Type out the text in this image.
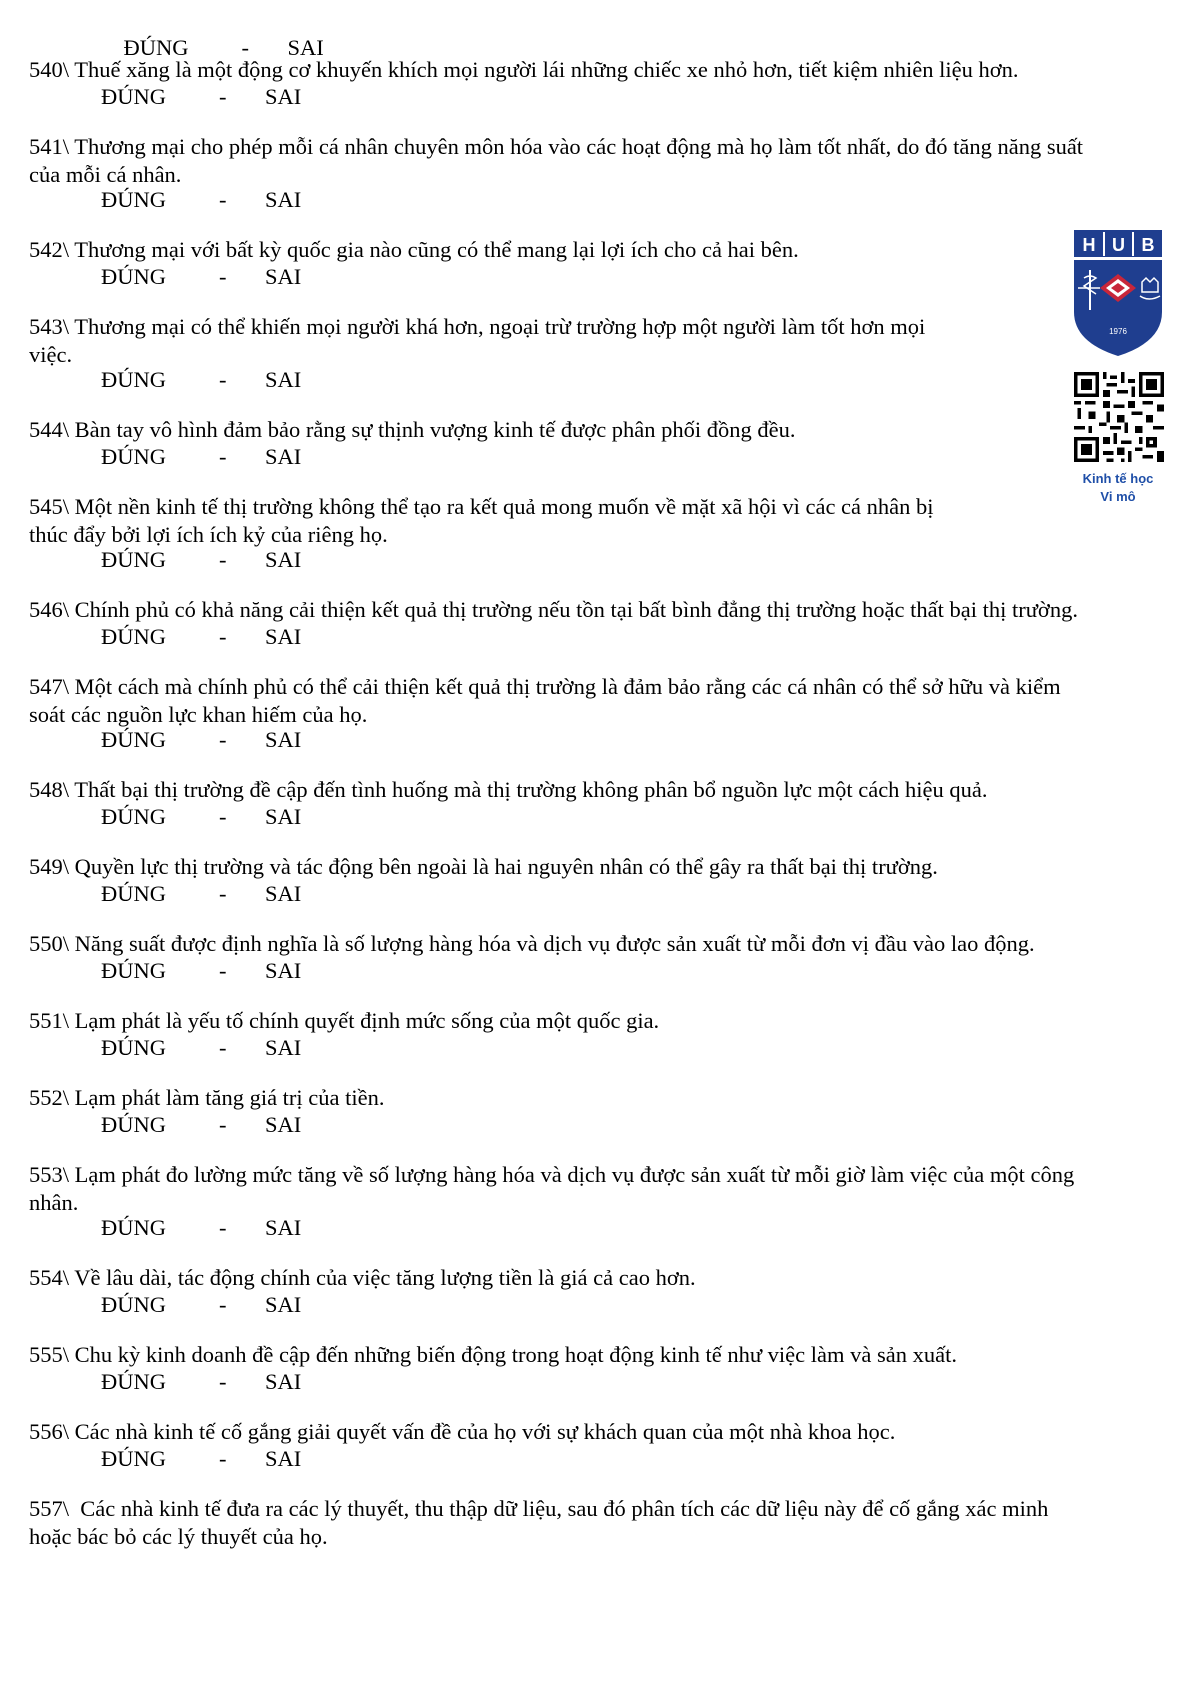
ĐÚNG - SAI

540\ Thuế xăng là một động cơ khuyến khích mọi người lái những chiếc xe nhỏ hơn, tiết kiệm nhiên liệu hơn.
ĐÚNG - SAI
541\ Thương mại cho phép mỗi cá nhân chuyên môn hóa vào các hoạt động mà họ làm tốt nhất, do đó tăng năng suất
của mỗi cá nhân.
ĐÚNG - SAI
542\ Thương mại với bất kỳ quốc gia nào cũng có thể mang lại lợi ích cho cả hai bên.
ĐÚNG - SAI
543\ Thương mại có thể khiến mọi người khá hơn, ngoại trừ trường hợp một người làm tốt hơn mọi
việc.
ĐÚNG - SAI
544\ Bàn tay vô hình đảm bảo rằng sự thịnh vượng kinh tế được phân phối đồng đều.
ĐÚNG - SAI
545\ Một nền kinh tế thị trường không thể tạo ra kết quả mong muốn về mặt xã hội vì các cá nhân bị
thúc đẩy bởi lợi ích ích kỷ của riêng họ.
ĐÚNG - SAI
546\ Chính phủ có khả năng cải thiện kết quả thị trường nếu tồn tại bất bình đẳng thị trường hoặc thất bại thị trường.
ĐÚNG - SAI
547\ Một cách mà chính phủ có thể cải thiện kết quả thị trường là đảm bảo rằng các cá nhân có thể sở hữu và kiểm
soát các nguồn lực khan hiếm của họ.
ĐÚNG - SAI
548\ Thất bại thị trường đề cập đến tình huống mà thị trường không phân bổ nguồn lực một cách hiệu quả.
ĐÚNG - SAI
549\ Quyền lực thị trường và tác động bên ngoài là hai nguyên nhân có thể gây ra thất bại thị trường.
ĐÚNG - SAI
550\ Năng suất được định nghĩa là số lượng hàng hóa và dịch vụ được sản xuất từ mỗi đơn vị đầu vào lao động.
ĐÚNG - SAI
551\ Lạm phát là yếu tố chính quyết định mức sống của một quốc gia.
ĐÚNG - SAI
552\ Lạm phát làm tăng giá trị của tiền.
ĐÚNG - SAI
553\ Lạm phát đo lường mức tăng về số lượng hàng hóa và dịch vụ được sản xuất từ mỗi giờ làm việc của một công
nhân.
ĐÚNG - SAI
554\ Về lâu dài, tác động chính của việc tăng lượng tiền là giá cả cao hơn.
ĐÚNG - SAI
555\ Chu kỳ kinh doanh đề cập đến những biến động trong hoạt động kinh tế như việc làm và sản xuất.
ĐÚNG - SAI
556\ Các nhà kinh tế cố gắng giải quyết vấn đề của họ với sự khách quan của một nhà khoa học.
ĐÚNG - SAI
557\  Các nhà kinh tế đưa ra các lý thuyết, thu thập dữ liệu, sau đó phân tích các dữ liệu này để cố gắng xác minh
hoặc bác bỏ các lý thuyết của họ.
H U B
1976
Kinh tế học
Vi mô
